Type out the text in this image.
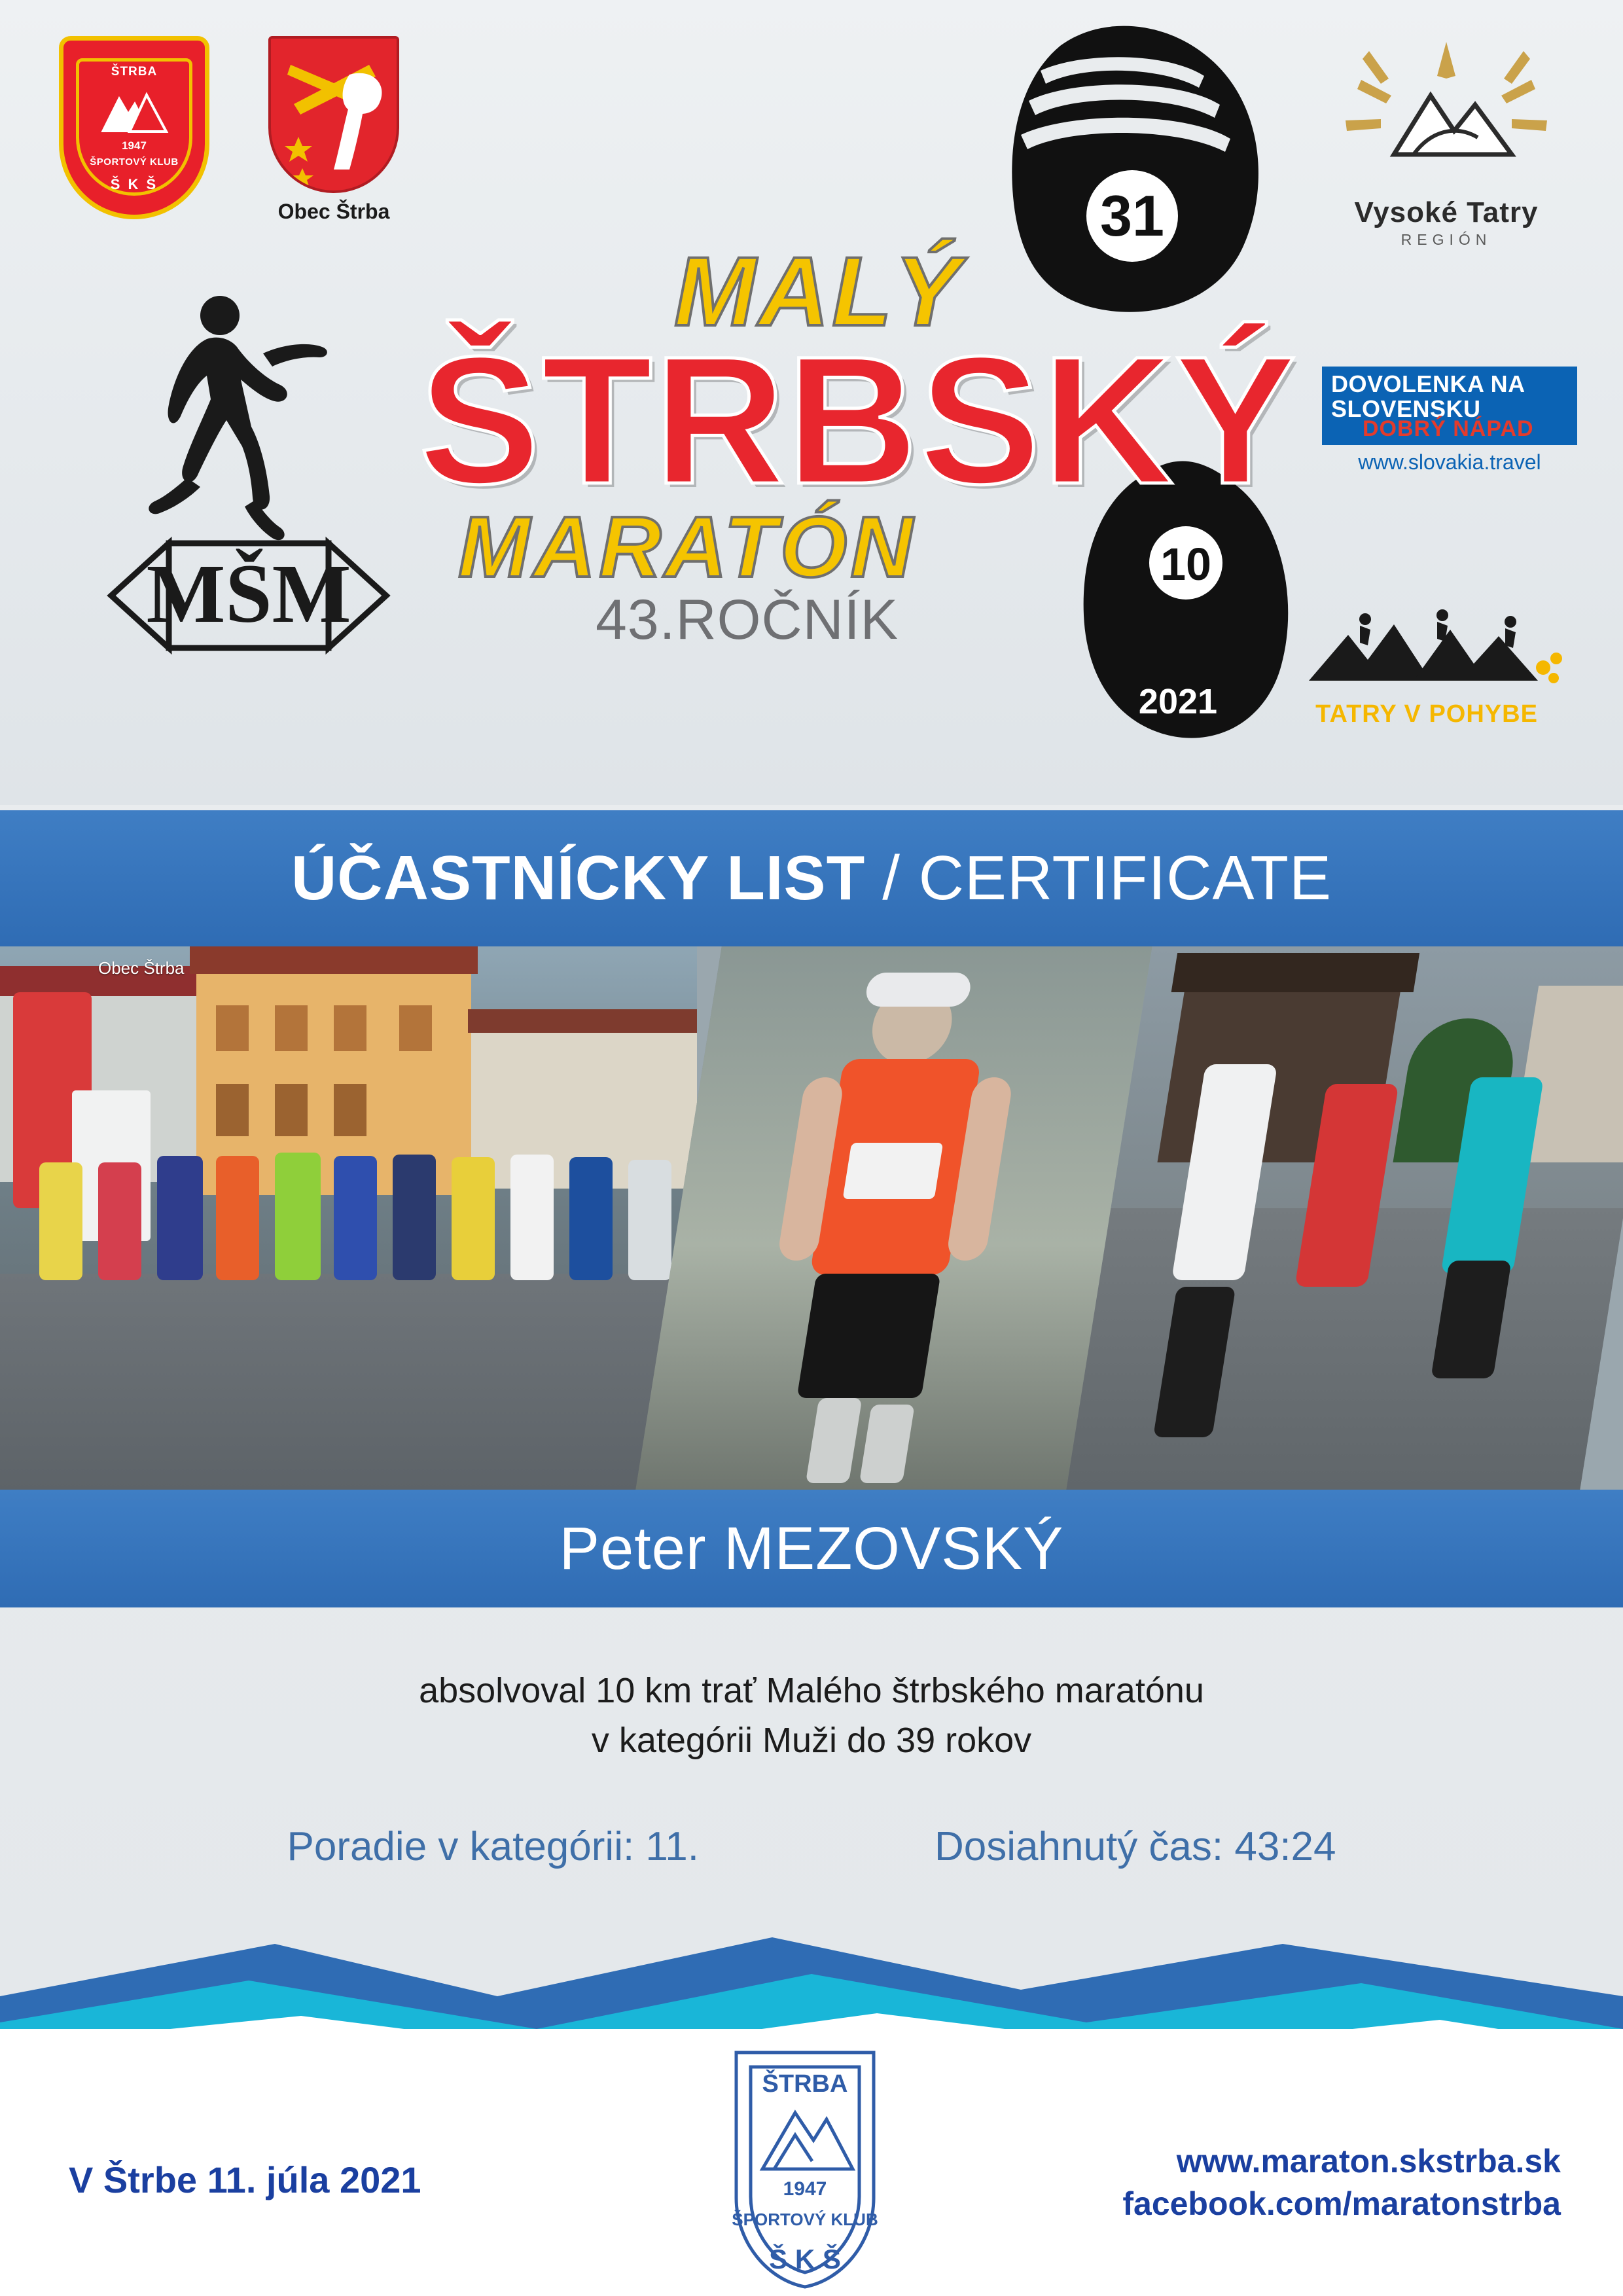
ŠTRBA
1947
ŠPORTOVÝ KLUB
Š K Š
Obec Štrba
MŠM
31
10
2021
MALÝ
ŠTRBSKÝ
MARATÓN
43.ROČNÍK
Vysoké Tatry
REGIÓN
DOVOLENKA NA
SLOVENSKU
DOBRÝ NÁPAD
www.slovakia.travel
TATRY V POHYBE
ÚČASTNÍCKY LIST / CERTIFICATE
Obec Štrba
Peter MEZOVSKÝ
absolvoval 10 km trať Malého štrbského maratónu
v kategórii Muži do 39 rokov
Poradie v kategórii: 11.	Dosiahnutý čas: 43:24
V Štrbe 11. júla 2021
ŠTRBA
1947
ŠPORTOVÝ KLUB
Š K Š
www.maraton.skstrba.sk
facebook.com/maratonstrba
